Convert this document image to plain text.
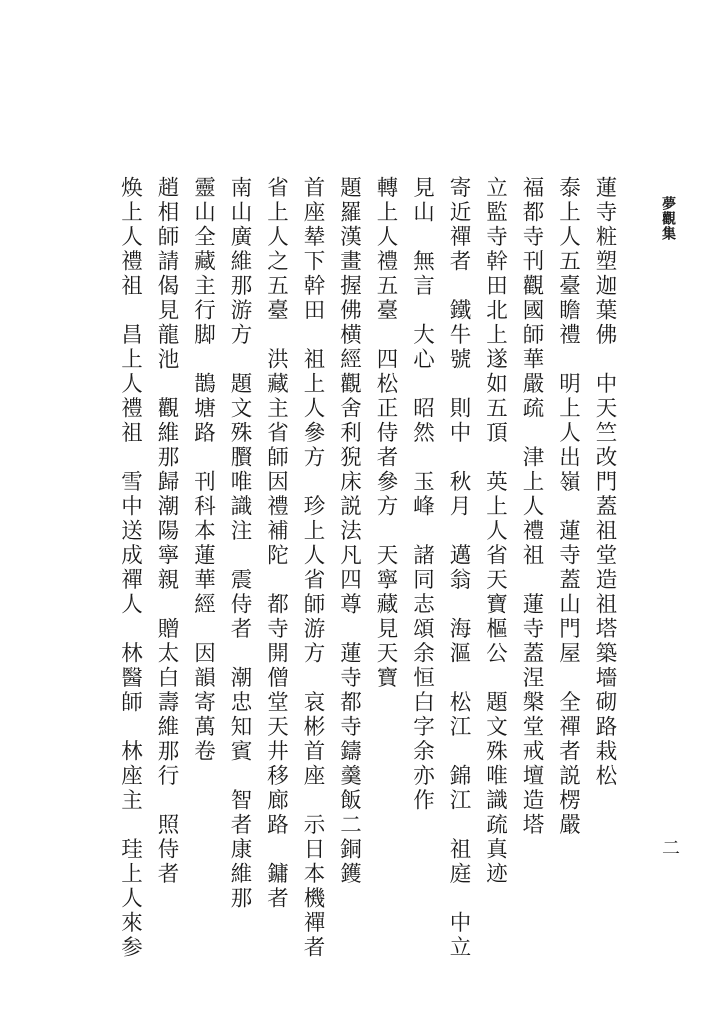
夢觀集

蓮寺粧塑迦葉佛　中天竺改門蓋祖堂造祖塔築墻砌路栽松

泰上人五臺瞻禮　明上人出嶺　蓮寺蓋山門屋　全禪者説楞嚴

福都寺刊觀國師華嚴疏　津上人禮祖　蓮寺蓋涅槃堂戒壇造塔

立監寺幹田北上遂如五頂　英上人省天寶樞公　題文殊唯識疏真迹

寄近禪者　鐵牛號　則中　秋月　邁翁　海漚　松江　錦江　祖庭　中立

見山　無言　大心　昭然　玉峰　諸同志頌余恒白字余亦作

轉上人禮五臺　四松正侍者參方　天寧藏見天寶

題羅漢畫握佛横經觀舍利猊床説法凡四尊　蓮寺都寺鑄羹飯二銅鑊

首座辇下幹田　祖上人參方　珍上人省師游方　哀彬首座　示日本機禪者

省上人之五臺　洪藏主省師因禮補陀　都寺開僧堂天井移廊路　鏞者

南山廣維那游方　題文殊臔唯識注　震侍者　潮忠知賓　智者康維那

靈山全藏主行脚　鵲塘路　刊科本蓮華經　因韻寄萬卷

趙相師請偈見龍池　觀維那歸潮陽寧親　贈太白壽維那行　照侍者

焕上人禮祖　昌上人禮祖　雪中送成禪人　林醫師　林座主　珪上人來参	二
